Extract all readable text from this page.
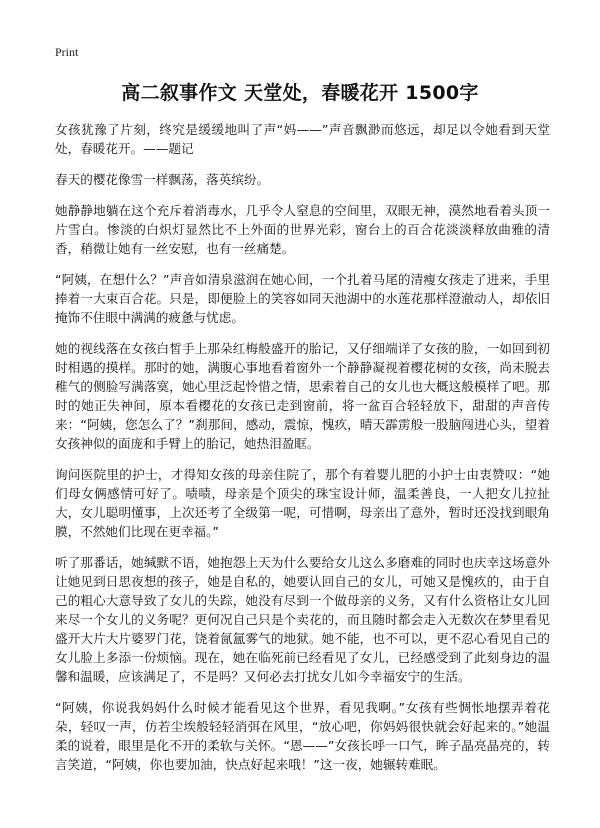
Print
高二叙事作文 天堂处，春暖花开 1500字

女孩犹豫了片刻，终究是缓缓地叫了声“妈——”声音飘渺而悠远，却足以令她看到天堂处，春暖花开。——题记

春天的樱花像雪一样飘荡，落英缤纷。

她静静地躺在这个充斥着消毒水，几乎令人窒息的空间里，双眼无神，漠然地看着头顶一片雪白。惨淡的白炽灯显然比不上外面的世界光彩，窗台上的百合花淡淡释放曲雅的清香，稍微让她有一丝安慰，也有一丝痛楚。

“阿姨，在想什么？”声音如清泉滋润在她心间，一个扎着马尾的清瘦女孩走了进来，手里捧着一大束百合花。只是，即便脸上的笑容如同天池湖中的水莲花那样澄澈动人，却依旧掩饰不住眼中满满的疲惫与忧虑。

她的视线落在女孩白皙手上那朵红梅般盛开的胎记，又仔细端详了女孩的脸，一如回到初时相遇的摸样。那时的她，满腹心事地看着窗外一个静静凝视着樱花树的女孩，尚未脱去稚气的侧脸写满落寞，她心里泛起怜惜之情，思索着自己的女儿也大概这般模样了吧。那时的她正失神间，原本看樱花的女孩已走到窗前，将一盆百合轻轻放下，甜甜的声音传来：“阿姨，您怎么了？”刹那间，感动，震惊，愧疚，晴天霹雳般一股脑闯进心头，望着女孩神似的面庞和手臂上的胎记，她热泪盈眶。

询问医院里的护士，才得知女孩的母亲住院了，那个有着婴儿肥的小护士由衷赞叹：“她们母女俩感情可好了。啧啧，母亲是个顶尖的珠宝设计师，温柔善良，一人把女儿拉扯大，女儿聪明懂事，上次还考了全级第一呢，可惜啊，母亲出了意外，暂时还没找到眼角膜，不然她们比现在更幸福。”

听了那番话，她缄默不语，她抱怨上天为什么要给女儿这么多磨难的同时也庆幸这场意外让她见到日思夜想的孩子，她是自私的，她要认回自己的女儿，可她又是愧疚的，由于自己的粗心大意导致了女儿的失踪，她没有尽到一个做母亲的义务，又有什么资格让女儿回来尽一个女儿的义务呢？更何况自己只是个卖花的，而且随时都会走入无数次在梦里看见盛开大片大片婆罗门花，饶着氤氲雾气的地狱。她不能，也不可以，更不忍心看见自己的女儿脸上多添一份烦恼。现在，她在临死前已经看见了女儿，已经感受到了此刻身边的温馨和温暖，应该满足了，不是吗？又何必去打扰女儿如今幸福安宁的生活。

“阿姨，你说我妈妈什么时候才能看见这个世界，看见我啊。”女孩有些惆怅地摆弄着花朵，轻叹一声，仿若尘埃般轻轻消弭在风里，“放心吧，你妈妈很快就会好起来的。”她温柔的说着，眼里是化不开的柔软与关怀。“恩——”女孩长呼一口气，眸子晶亮晶亮的，转言笑道，“阿姨，你也要加油，快点好起来哦！”这一夜，她辗转难眠。
